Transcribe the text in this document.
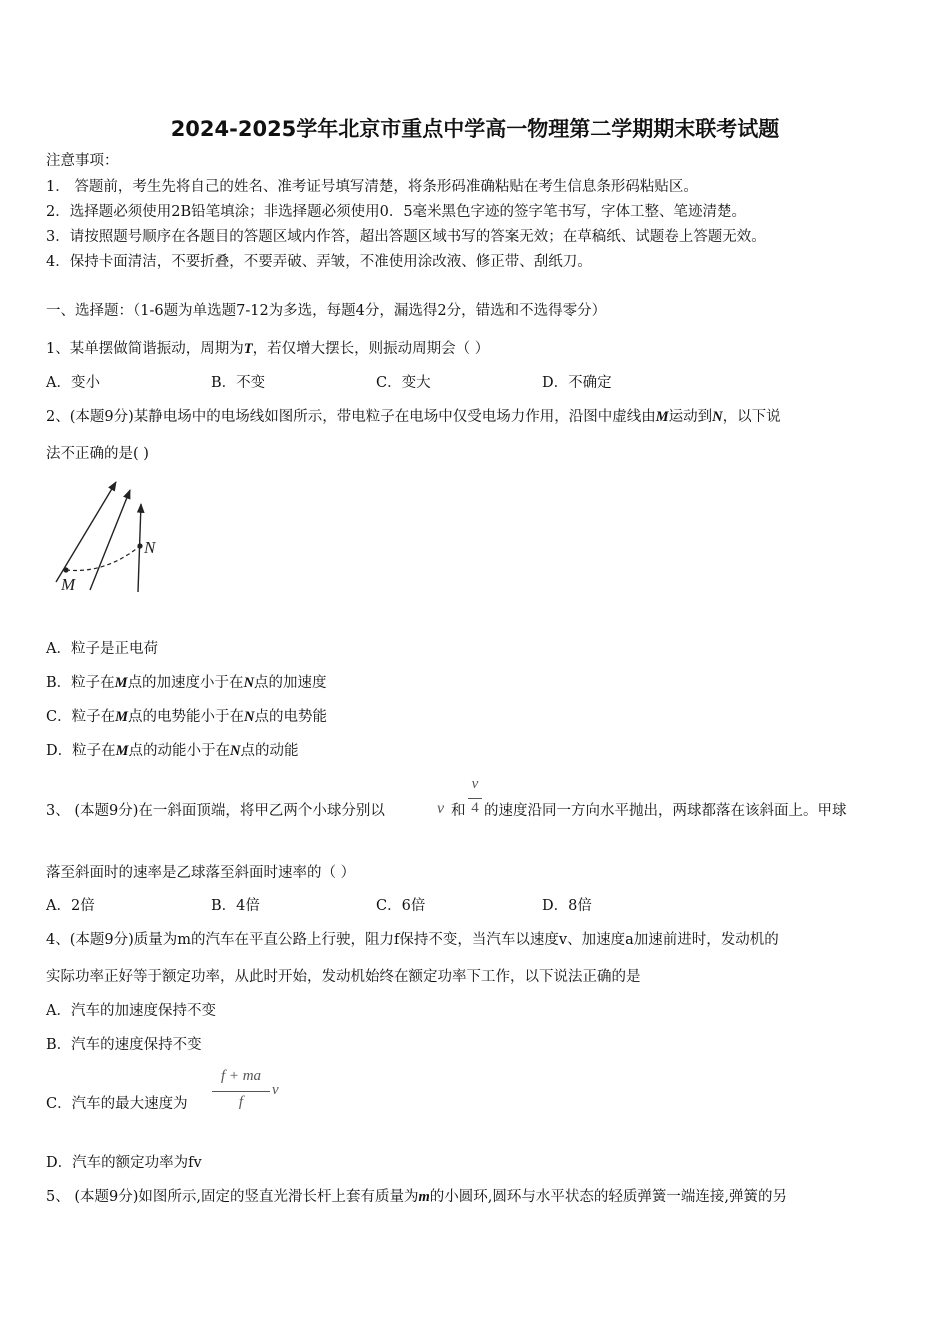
2024-2025学年北京市重点中学高一物理第二学期期末联考试题
注意事项：
1． 答题前，考生先将自己的姓名、准考证号填写清楚，将条形码准确粘贴在考生信息条形码粘贴区。
2．选择题必须使用2B铅笔填涂；非选择题必须使用0．5毫米黑色字迹的签字笔书写，字体工整、笔迹清楚。
3．请按照题号顺序在各题目的答题区域内作答，超出答题区域书写的答案无效；在草稿纸、试题卷上答题无效。
4．保持卡面清洁，不要折叠，不要弄破、弄皱，不准使用涂改液、修正带、刮纸刀。
一、选择题：（1-6题为单选题7-12为多选，每题4分，漏选得2分，错选和不选得零分）
1、某单摆做简谐振动，周期为T，若仅增大摆长，则振动周期会（ ）
A．变小	B．不变	C．变大	D．不确定
2、(本题9分)某静电场中的电场线如图所示，带电粒子在电场中仅受电场力作用，沿图中虚线由M运动到N，以下说
法不正确的是( )
M
N
A．粒子是正电荷
B．粒子在M点的加速度小于在N点的加速度
C．粒子在M点的电势能小于在N点的电势能
D．粒子在M点的动能小于在N点的动能
3、 (本题9分)在一斜面顶端，将甲乙两个小球分别以	v 和
v
4 的速度沿同一方向水平抛出，两球都落在该斜面上。甲球
落至斜面时的速率是乙球落至斜面时速率的（ ）
A．2倍	B．4倍	C．6倍	D．8倍
4、(本题9分)质量为m的汽车在平直公路上行驶，阻力f保持不变，当汽车以速度v、加速度a加速前进时，发动机的
实际功率正好等于额定功率，从此时开始，发动机始终在额定功率下工作，以下说法正确的是
A．汽车的加速度保持不变
B．汽车的速度保持不变
C．汽车的最大速度为
f + ma
f
v
D．汽车的额定功率为fv
5、 (本题9分)如图所示,固定的竖直光滑长杆上套有质量为m的小圆环,圆环与水平状态的轻质弹簧一端连接,弹簧的另
